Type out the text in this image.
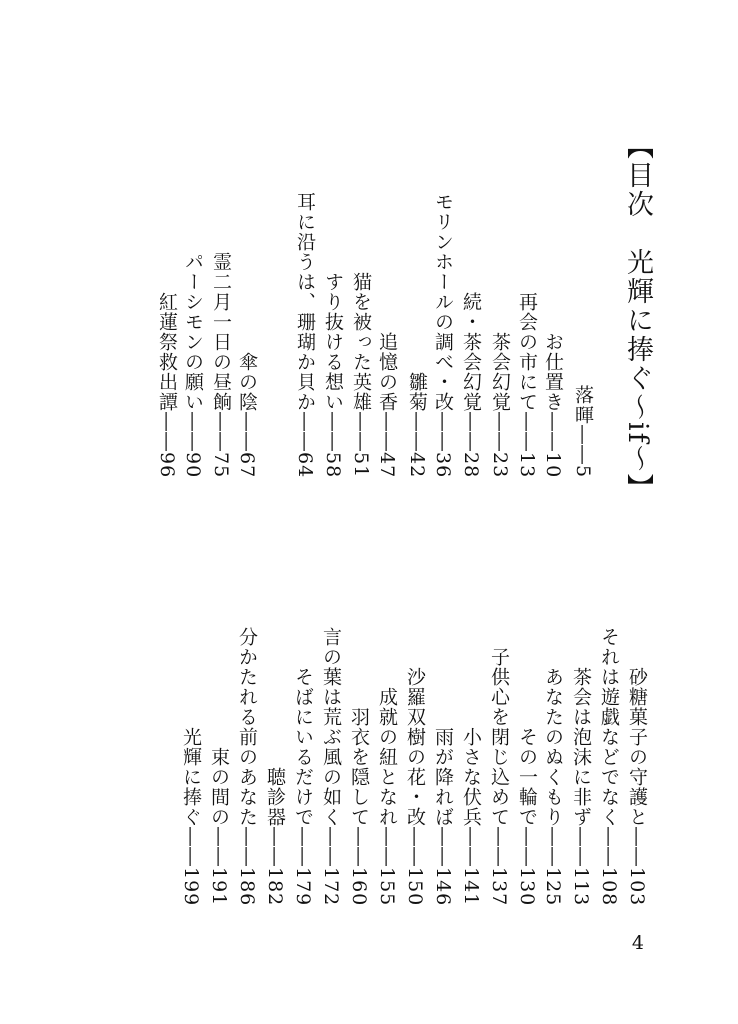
【目次　光輝に捧ぐ〜if〜】
落暉――5
お仕置き――10
再会の市にて――13
茶会幻覚――23
続・茶会幻覚――28
雛菊――42 モリンホールの調べ・改――36
追憶の香――47
猫を被った英雄――51
すり抜ける想い――58
耳に沿うは、珊瑚か貝か――64
傘の陰――67
霊二月一日の昼餉――75
パーシモンの願い――90
紅蓮祭救出譚――96
砂糖菓子の守護と――103
それは遊戯などでなく――108
茶会は泡沫に非ず――113
あなたのぬくもり――125
その一輪で――130
子供心を閉じ込めて――137
小さな伏兵――141
雨が降れば――146
沙羅双樹の花・改――150
成就の紐となれ――155
羽衣を隠して――160
言の葉は荒ぶ風の如く――172
そばにいるだけで――179
聴診器――182
分かたれる前のあなた――186
束の間の――191
光輝に捧ぐ――199
4
